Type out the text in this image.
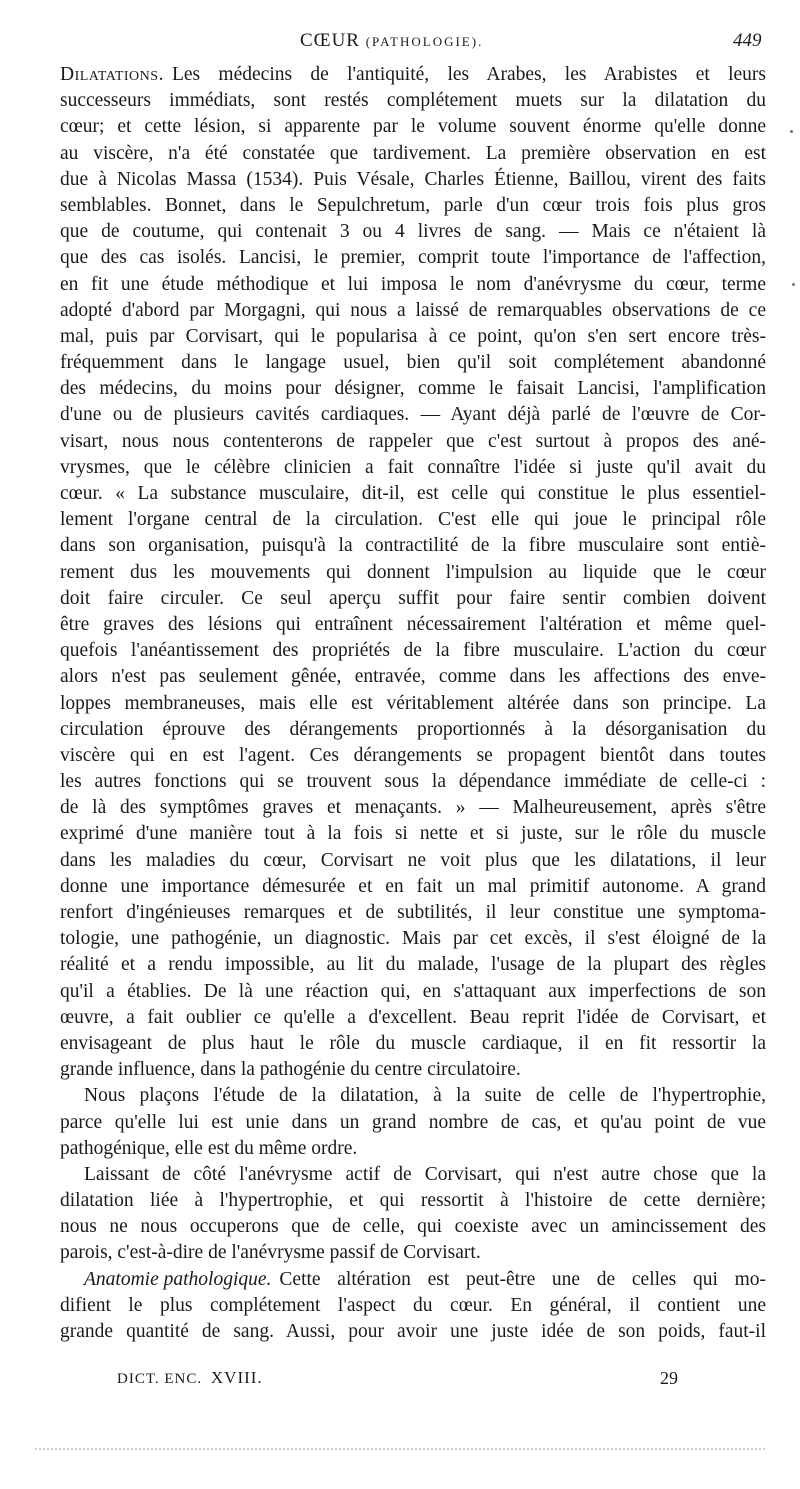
CŒUR (PATHOLOGIE).	449
Dilatations. Les médecins de l'antiquité, les Arabes, les Arabistes et leurs
successeurs immédiats, sont restés complétement muets sur la dilatation du
cœur; et cette lésion, si apparente par le volume souvent énorme qu'elle donne
au viscère, n'a été constatée que tardivement. La première observation en est
due à Nicolas Massa (1534). Puis Vésale, Charles Étienne, Baillou, virent des faits
semblables. Bonnet, dans le Sepulchretum, parle d'un cœur trois fois plus gros
que de coutume, qui contenait 3 ou 4 livres de sang. — Mais ce n'étaient là
que des cas isolés. Lancisi, le premier, comprit toute l'importance de l'affection,
en fit une étude méthodique et lui imposa le nom d'anévrysme du cœur, terme
adopté d'abord par Morgagni, qui nous a laissé de remarquables observations de ce
mal, puis par Corvisart, qui le popularisa à ce point, qu'on s'en sert encore très-
fréquemment dans le langage usuel, bien qu'il soit complétement abandonné
des médecins, du moins pour désigner, comme le faisait Lancisi, l'amplification
d'une ou de plusieurs cavités cardiaques. — Ayant déjà parlé de l'œuvre de Cor-
visart, nous nous contenterons de rappeler que c'est surtout à propos des ané-
vrysmes, que le célèbre clinicien a fait connaître l'idée si juste qu'il avait du
cœur. « La substance musculaire, dit-il, est celle qui constitue le plus essentiel-
lement l'organe central de la circulation. C'est elle qui joue le principal rôle
dans son organisation, puisqu'à la contractilité de la fibre musculaire sont entiè-
rement dus les mouvements qui donnent l'impulsion au liquide que le cœur
doit faire circuler. Ce seul aperçu suffit pour faire sentir combien doivent
être graves des lésions qui entraînent nécessairement l'altération et même quel-
quefois l'anéantissement des propriétés de la fibre musculaire. L'action du cœur
alors n'est pas seulement gênée, entravée, comme dans les affections des enve-
loppes membraneuses, mais elle est véritablement altérée dans son principe. La
circulation éprouve des dérangements proportionnés à la désorganisation du
viscère qui en est l'agent. Ces dérangements se propagent bientôt dans toutes
les autres fonctions qui se trouvent sous la dépendance immédiate de celle-ci :
de là des symptômes graves et menaçants. » — Malheureusement, après s'être
exprimé d'une manière tout à la fois si nette et si juste, sur le rôle du muscle
dans les maladies du cœur, Corvisart ne voit plus que les dilatations, il leur
donne une importance démesurée et en fait un mal primitif autonome. A grand
renfort d'ingénieuses remarques et de subtilités, il leur constitue une symptoma-
tologie, une pathogénie, un diagnostic. Mais par cet excès, il s'est éloigné de la
réalité et a rendu impossible, au lit du malade, l'usage de la plupart des règles
qu'il a établies. De là une réaction qui, en s'attaquant aux imperfections de son
œuvre, a fait oublier ce qu'elle a d'excellent. Beau reprit l'idée de Corvisart, et
envisageant de plus haut le rôle du muscle cardiaque, il en fit ressortir la
grande influence, dans la pathogénie du centre circulatoire.
Nous plaçons l'étude de la dilatation, à la suite de celle de l'hypertrophie,
parce qu'elle lui est unie dans un grand nombre de cas, et qu'au point de vue
pathogénique, elle est du même ordre.
Laissant de côté l'anévrysme actif de Corvisart, qui n'est autre chose que la
dilatation liée à l'hypertrophie, et qui ressortit à l'histoire de cette dernière;
nous ne nous occuperons que de celle, qui coexiste avec un amincissement des
parois, c'est-à-dire de l'anévrysme passif de Corvisart.
Anatomie pathologique. Cette altération est peut-être une de celles qui mo-
difient le plus complétement l'aspect du cœur. En général, il contient une
grande quantité de sang. Aussi, pour avoir une juste idée de son poids, faut-il
DICT. ENC. XVIII.	29
